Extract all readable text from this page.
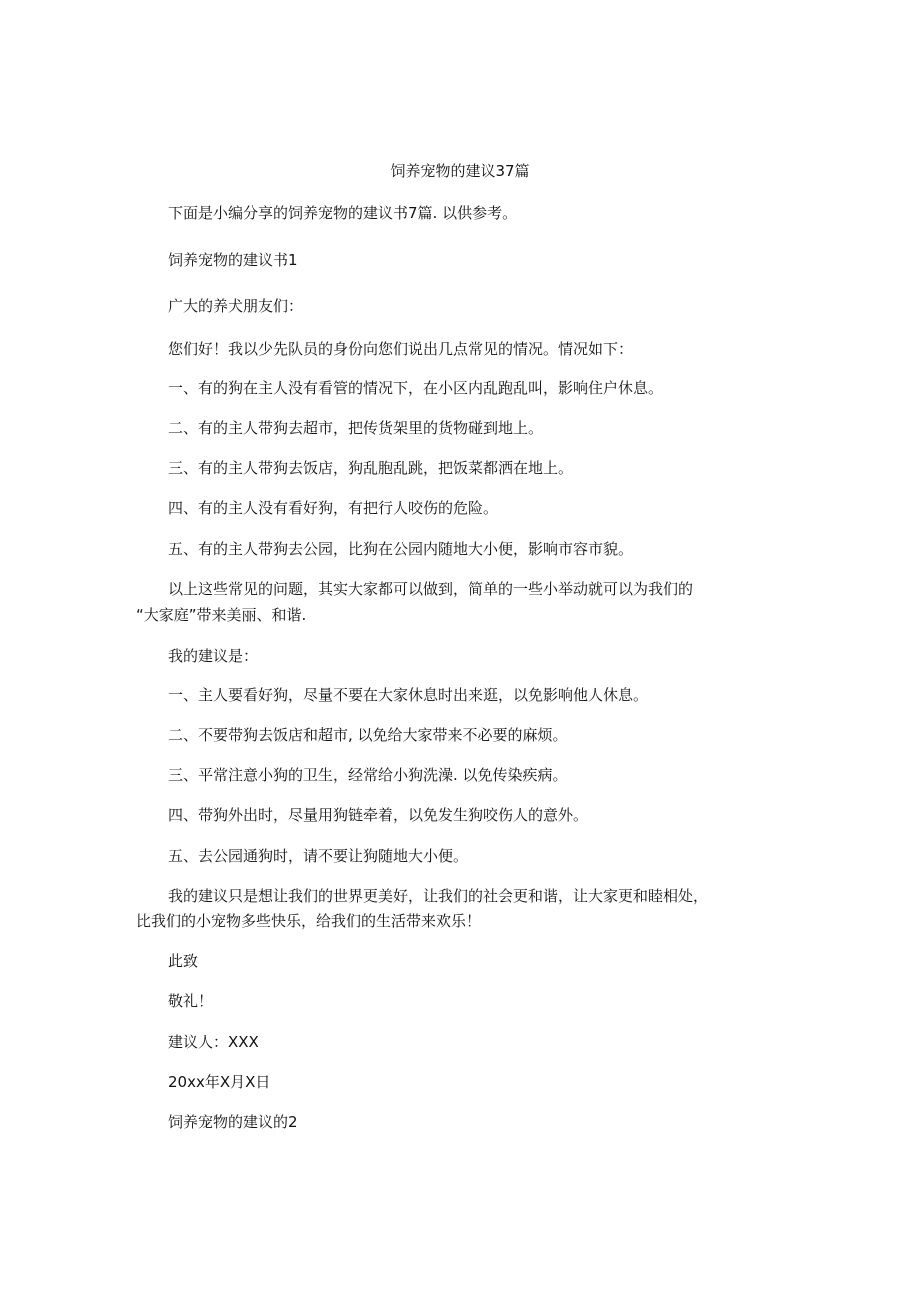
饲养宠物的建议37篇
下面是小编分享的饲养宠物的建议书7篇. 以供参考。
饲养宠物的建议书1
广大的养犬朋友们：
您们好！我以少先队员的身份向您们说出几点常见的情况。情况如下：
一、有的狗在主人没有看管的情况下，在小区内乱跑乱叫，影响住户休息。
二、有的主人带狗去超市，把传货架里的货物碰到地上。
三、有的主人带狗去饭店，狗乱胞乱跳，把饭菜都洒在地上。
四、有的主人没有看好狗，有把行人咬伤的危险。
五、有的主人带狗去公园，比狗在公园内随地大小便，影响市容市貌。
以上这些常见的问题，其实大家都可以做到，简单的一些小举动就可以为我们的
“大家庭”带来美丽、和谐.
我的建议是：
一、主人要看好狗，尽量不要在大家休息时出来逛，以免影响他人休息。
二、不要带狗去饭店和超市, 以免给大家带来不必要的麻烦。
三、平常注意小狗的卫生，经常给小狗洗澡. 以免传染疾病。
四、带狗外出时，尽量用狗链牵着，以免发生狗咬伤人的意外。
五、去公园通狗时，请不要让狗随地大小便。
我的建议只是想让我们的世界更美好，让我们的社会更和谐，让大家更和睦相处，
比我们的小宠物多些快乐，给我们的生活带来欢乐！
此致
敬礼！
建议人：XXX
20xx年X月X日
饲养宠物的建议的2
